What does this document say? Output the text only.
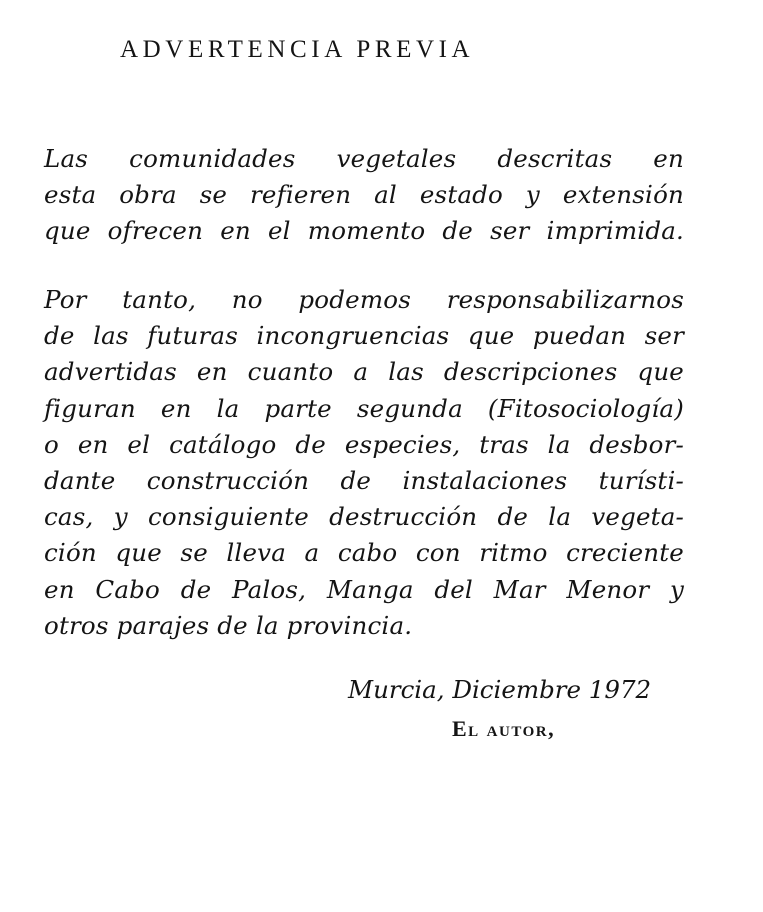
ADVERTENCIA PREVIA
Las comunidades vegetales descritas en
esta obra se refieren al estado y extensión
que ofrecen en el momento de ser imprimida.
Por tanto, no podemos responsabilizarnos
de las futuras incongruencias que puedan ser
advertidas en cuanto a las descripciones que
figuran en la parte segunda (Fitosociología)
o en el catálogo de especies, tras la desbor-
dante construcción de instalaciones turísti-
cas, y consiguiente destrucción de la vegeta-
ción que se lleva a cabo con ritmo creciente
en Cabo de Palos, Manga del Mar Menor y
otros parajes de la provincia.
Murcia, Diciembre 1972

El autor,
